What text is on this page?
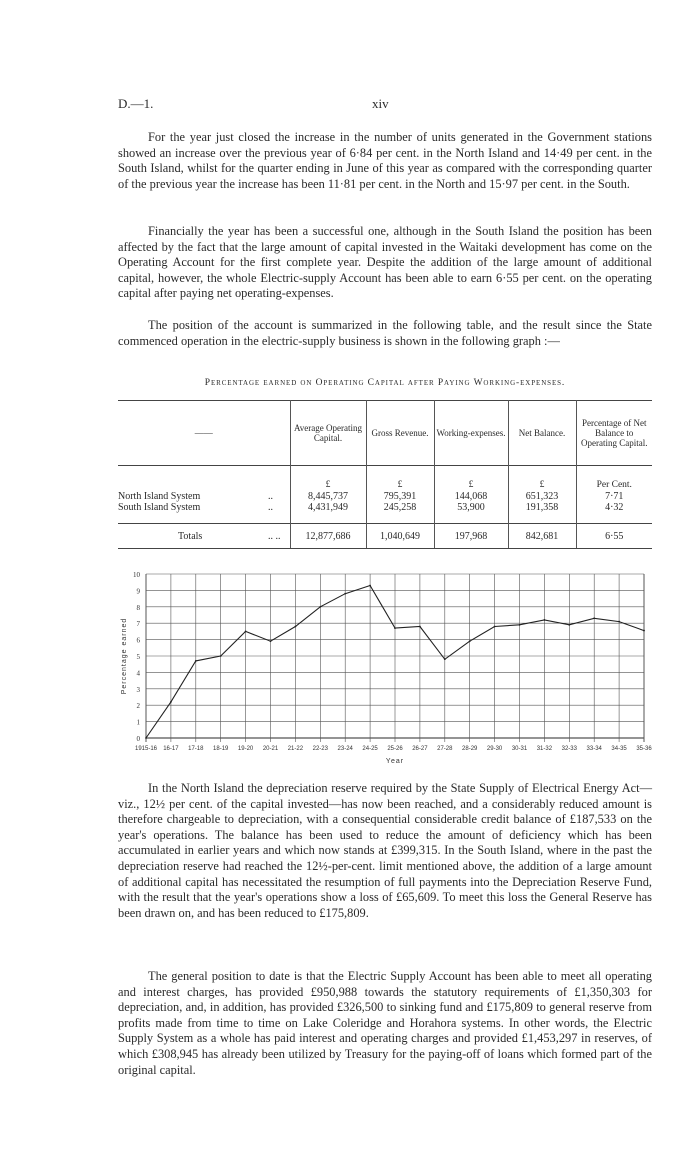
D.—1.	xiv

For the year just closed the increase in the number of units generated in the Government stations showed an increase over the previous year of 6·84 per cent. in the North Island and 14·49 per cent. in the South Island, whilst for the quarter ending in June of this year as compared with the corresponding quarter of the previous year the increase has been 11·81 per cent. in the North and 15·97 per cent. in the South.

Financially the year has been a successful one, although in the South Island the position has been affected by the fact that the large amount of capital invested in the Waitaki development has come on the Operating Account for the first complete year. Despite the addition of the large amount of additional capital, however, the whole Electric-supply Account has been able to earn 6·55 per cent. on the operating capital after paying net operating-expenses.

The position of the account is summarized in the following table, and the result since the State commenced operation in the electric-supply business is shown in the following graph :—

Percentage earned on Operating Capital after Paying Working-expenses.
——		Average Operating Capital.	Gross Revenue.	Working-expenses.	Net Balance.	Percentage of Net Balance to Operating Capital.
		£	£	£	£	Per Cent.
North Island System	..	8,445,737	795,391	144,068	651,323	7·71
South Island System	..	4,431,949	245,258	53,900	191,358	4·32

Totals	.. ..	12,877,686	1,040,649	197,968	842,681	6·55
0
1
2
3
4
5
6
7
8
9
10
1915-16 16-17 17-18 18-19 19-20 20-21 21-22 22-23 23-24 24-25 25-26 26-27 27-28 28-29 29-30 30-31 31-32 32-33 33-34 34-35 35-36
Year
Percentage earned

In the North Island the depreciation reserve required by the State Supply of Electrical Energy Act—viz., 12½ per cent. of the capital invested—has now been reached, and a considerably reduced amount is therefore chargeable to depreciation, with a consequential considerable credit balance of £187,533 on the year's operations. The balance has been used to reduce the amount of deficiency which has been accumulated in earlier years and which now stands at £399,315. In the South Island, where in the past the depreciation reserve had reached the 12½-per-cent. limit mentioned above, the addition of a large amount of additional capital has necessitated the resumption of full payments into the Depreciation Reserve Fund, with the result that the year's operations show a loss of £65,609. To meet this loss the General Reserve has been drawn on, and has been reduced to £175,809.

The general position to date is that the Electric Supply Account has been able to meet all operating and interest charges, has provided £950,988 towards the statutory requirements of £1,350,303 for depreciation, and, in addition, has provided £326,500 to sinking fund and £175,809 to general reserve from profits made from time to time on Lake Coleridge and Horahora systems. In other words, the Electric Supply System as a whole has paid interest and operating charges and provided £1,453,297 in reserves, of which £308,945 has already been utilized by Treasury for the paying-off of loans which formed part of the original capital.
